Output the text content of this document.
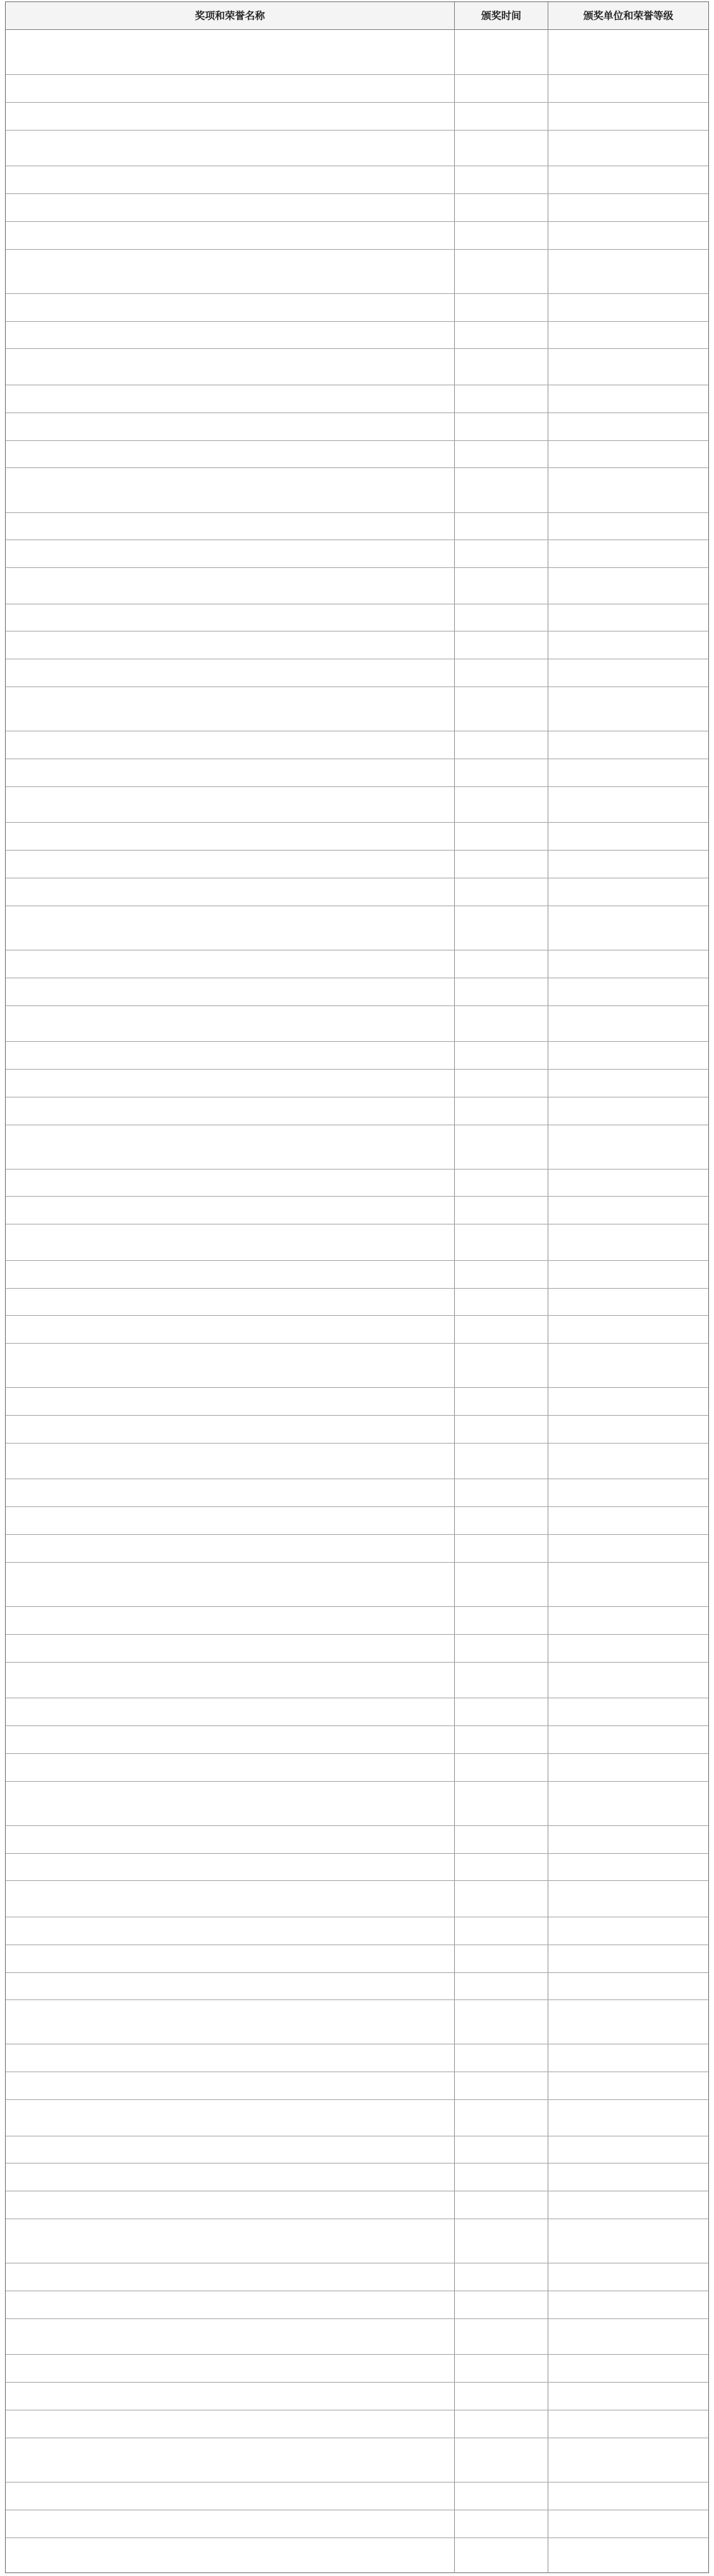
奖项和荣誉名称	颁奖时间	颁奖单位和荣誉等级
